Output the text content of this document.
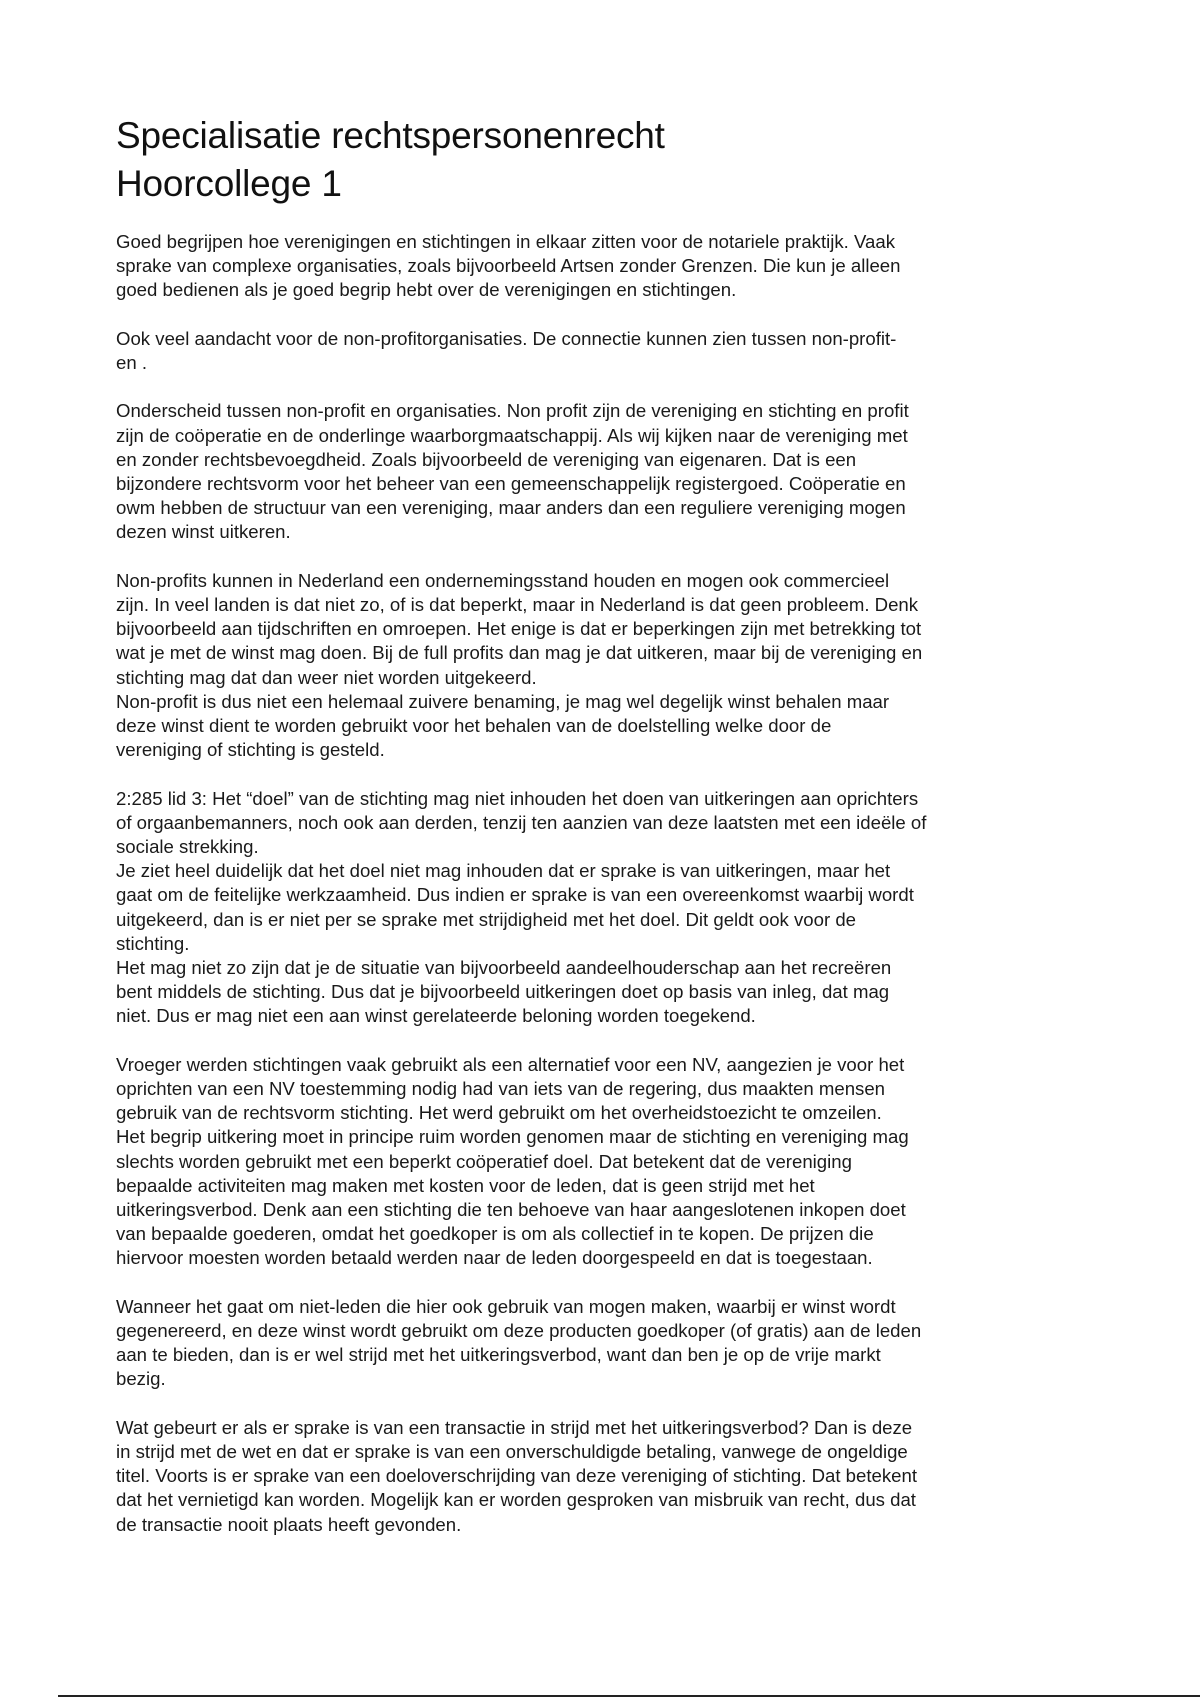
Specialisatie rechtspersonenrecht
Hoorcollege 1

Goed begrijpen hoe verenigingen en stichtingen in elkaar zitten voor de notariele praktijk. Vaak
sprake van complexe organisaties, zoals bijvoorbeeld Artsen zonder Grenzen. Die kun je alleen
goed bedienen als je goed begrip hebt over de verenigingen en stichtingen.

Ook veel aandacht voor de non-profitorganisaties. De connectie kunnen zien tussen non-profit-
en .

Onderscheid tussen non-profit en organisaties. Non profit zijn de vereniging en stichting en profit
zijn de coöperatie en de onderlinge waarborgmaatschappij. Als wij kijken naar de vereniging met
en zonder rechtsbevoegdheid. Zoals bijvoorbeeld de vereniging van eigenaren. Dat is een
bijzondere rechtsvorm voor het beheer van een gemeenschappelijk registergoed. Coöperatie en
owm hebben de structuur van een vereniging, maar anders dan een reguliere vereniging mogen
dezen winst uitkeren.

Non-profits kunnen in Nederland een ondernemingsstand houden en mogen ook commercieel
zijn. In veel landen is dat niet zo, of is dat beperkt, maar in Nederland is dat geen probleem. Denk
bijvoorbeeld aan tijdschriften en omroepen. Het enige is dat er beperkingen zijn met betrekking tot
wat je met de winst mag doen. Bij de full profits dan mag je dat uitkeren, maar bij de vereniging en
stichting mag dat dan weer niet worden uitgekeerd.
Non-profit is dus niet een helemaal zuivere benaming, je mag wel degelijk winst behalen maar
deze winst dient te worden gebruikt voor het behalen van de doelstelling welke door de
vereniging of stichting is gesteld.

2:285 lid 3: Het “doel” van de stichting mag niet inhouden het doen van uitkeringen aan oprichters
of orgaanbemanners, noch ook aan derden, tenzij ten aanzien van deze laatsten met een ideële of
sociale strekking.
Je ziet heel duidelijk dat het doel niet mag inhouden dat er sprake is van uitkeringen, maar het
gaat om de feitelijke werkzaamheid. Dus indien er sprake is van een overeenkomst waarbij wordt
uitgekeerd, dan is er niet per se sprake met strijdigheid met het doel. Dit geldt ook voor de
stichting.
Het mag niet zo zijn dat je de situatie van bijvoorbeeld aandeelhouderschap aan het recreëren
bent middels de stichting. Dus dat je bijvoorbeeld uitkeringen doet op basis van inleg, dat mag
niet. Dus er mag niet een aan winst gerelateerde beloning worden toegekend.

Vroeger werden stichtingen vaak gebruikt als een alternatief voor een NV, aangezien je voor het
oprichten van een NV toestemming nodig had van iets van de regering, dus maakten mensen
gebruik van de rechtsvorm stichting. Het werd gebruikt om het overheidstoezicht te omzeilen.
Het begrip uitkering moet in principe ruim worden genomen maar de stichting en vereniging mag
slechts worden gebruikt met een beperkt coöperatief doel. Dat betekent dat de vereniging
bepaalde activiteiten mag maken met kosten voor de leden, dat is geen strijd met het
uitkeringsverbod. Denk aan een stichting die ten behoeve van haar aangeslotenen inkopen doet
van bepaalde goederen, omdat het goedkoper is om als collectief in te kopen. De prijzen die
hiervoor moesten worden betaald werden naar de leden doorgespeeld en dat is toegestaan.

Wanneer het gaat om niet-leden die hier ook gebruik van mogen maken, waarbij er winst wordt
gegenereerd, en deze winst wordt gebruikt om deze producten goedkoper (of gratis) aan de leden
aan te bieden, dan is er wel strijd met het uitkeringsverbod, want dan ben je op de vrije markt
bezig.

Wat gebeurt er als er sprake is van een transactie in strijd met het uitkeringsverbod? Dan is deze
in strijd met de wet en dat er sprake is van een onverschuldigde betaling, vanwege de ongeldige
titel. Voorts is er sprake van een doeloverschrijding van deze vereniging of stichting. Dat betekent
dat het vernietigd kan worden. Mogelijk kan er worden gesproken van misbruik van recht, dus dat
de transactie nooit plaats heeft gevonden.
